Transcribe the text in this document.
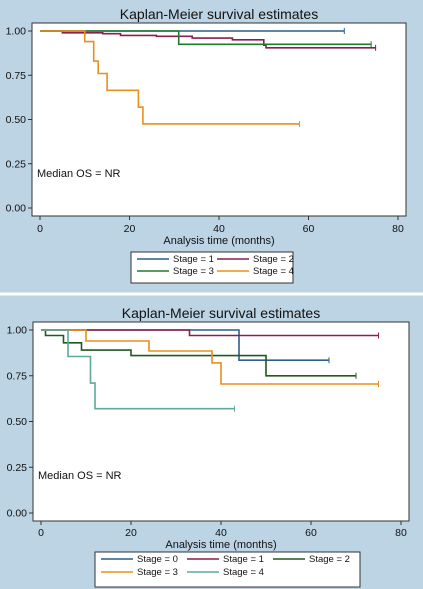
Kaplan-Meier survival estimates
0.00
0.25
0.50
0.75
1.00
0	20	40	60	80
Analysis time (months)
Median OS = NR
Stage = 1	Stage = 2
Stage = 3	Stage = 4
Kaplan-Meier survival estimates
0.00
0.25
0.50
0.75
1.00
0	20	40	60	80
Analysis time (months)
Median OS = NR
Stage = 0	Stage = 1	Stage = 2
Stage = 3	Stage = 4
